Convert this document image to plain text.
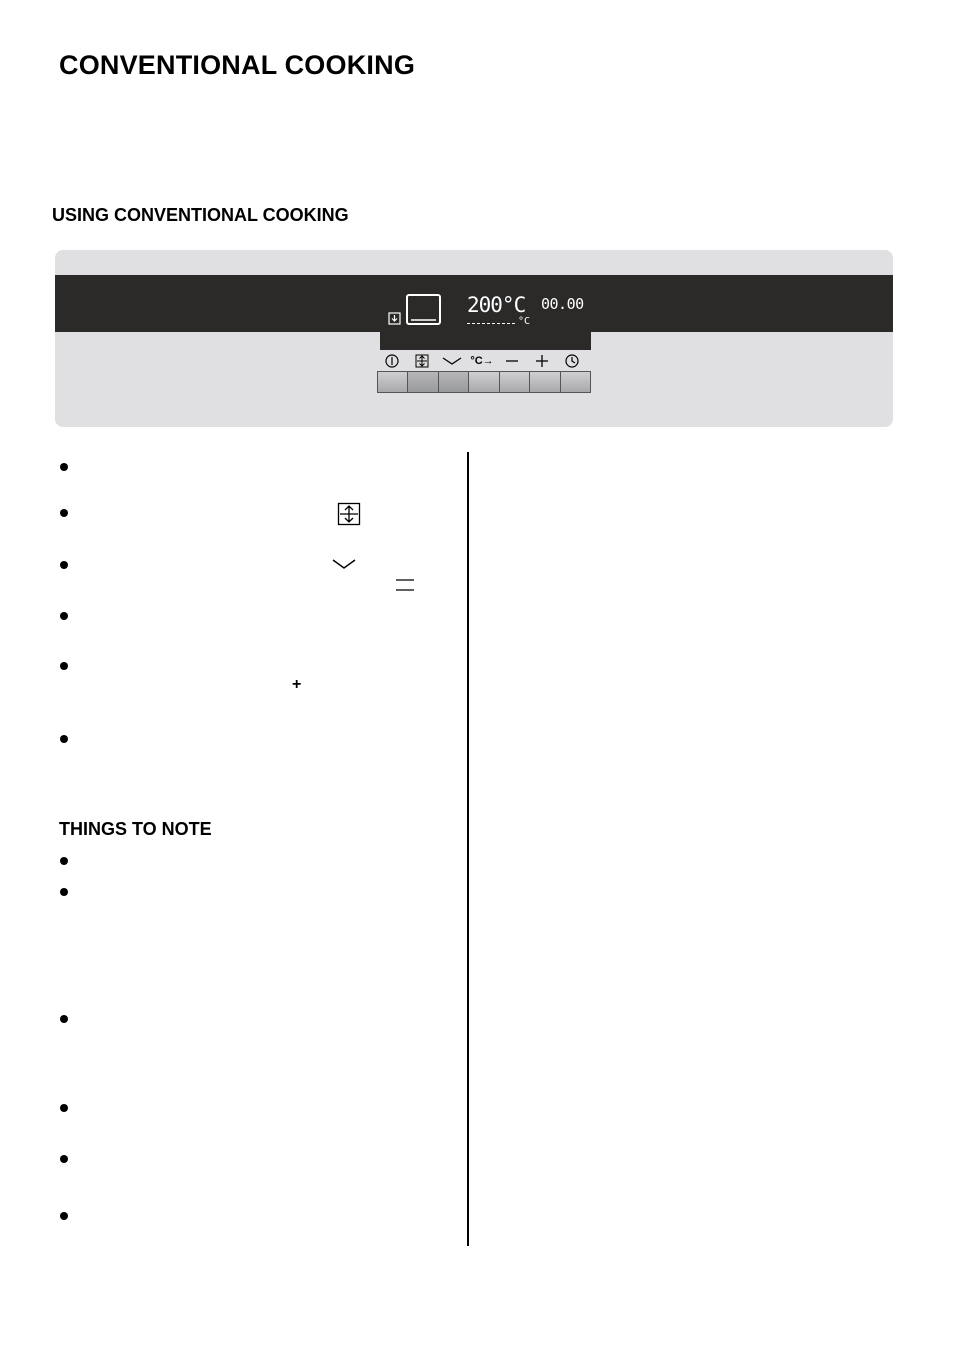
CONVENTIONAL COOKING
USING CONVENTIONAL COOKING
200°C 00.00
°C
°C→
+
THINGS TO NOTE
